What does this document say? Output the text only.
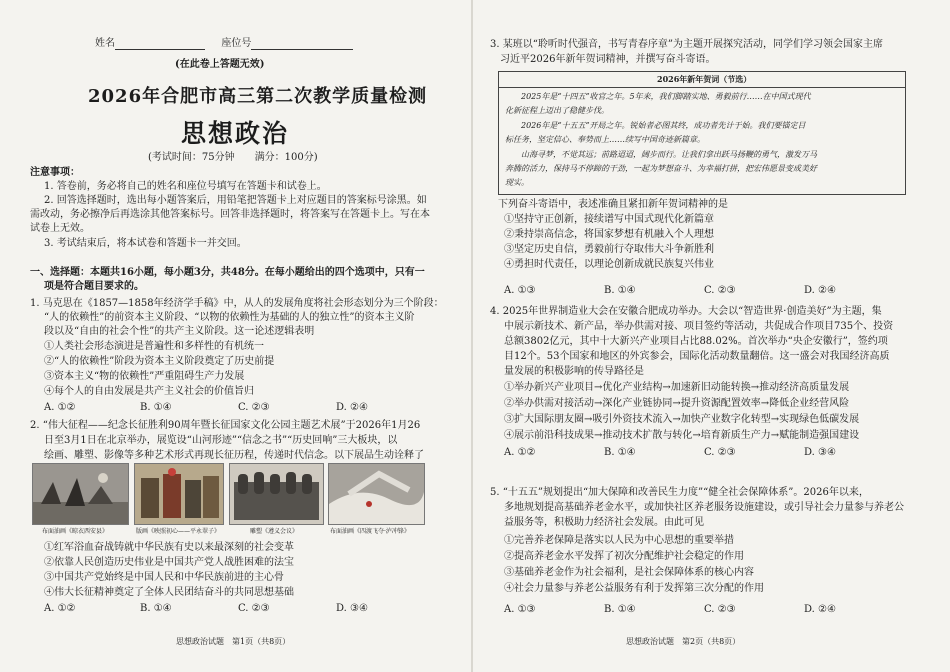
姓名	座位号
(在此卷上答题无效)
2026年合肥市高三第二次教学质量检测
思想政治
(考试时间：75分钟　　满分：100分)
注意事项：
1. 答卷前，务必将自己的姓名和座位号填写在答题卡和试卷上。
2. 回答选择题时，选出每小题答案后，用铅笔把答题卡上对应题目的答案标号涂黑。如
需改动，务必擦净后再选涂其他答案标号。回答非选择题时，将答案写在答题卡上。写在本
试卷上无效。
3. 考试结束后，将本试卷和答题卡一并交回。
一、选择题：本题共16小题，每小题3分，共48分。在每小题给出的四个选项中，只有一
项是符合题目要求的。
1. 马克思在《1857—1858年经济学手稿》中，从人的发展角度将社会形态划分为三个阶段：
“人的依赖性”的前资本主义阶段、“以物的依赖性为基础的人的独立性”的资本主义阶
段以及“自由的社会个性”的共产主义阶段。这一论述逻辑表明
①人类社会形态演进是普遍性和多样性的有机统一
②“人的依赖性”阶段为资本主义阶段奠定了历史前提
③资本主义“物的依赖性”严重阻碍生产力发展
④每个人的自由发展是共产主义社会的价值旨归
A. ①②	B. ①④	C. ②③	D. ②④
2. “伟大征程——纪念长征胜利90周年暨长征国家文化公园主题艺术展”于2026年1月26
日至3月1日在北京举办，展览设“山河形迹”“信念之书”“历史回响”三大板块，以
绘画、雕塑、影像等多种艺术形式再现长征历程，传递时代信念。以下展品生动诠释了
布面油画《晾衣西安县》	版画《映照初心——平永翠子》	雕塑《遵义会议》	布面油画《四渡飞夺·泸冲锋》
①红军浴血奋战铸就中华民族有史以来最深刻的社会变革
②依靠人民创造历史伟业是中国共产党人战胜困难的法宝
③中国共产党始终是中国人民和中华民族前进的主心骨
④伟大长征精神奠定了全体人民团结奋斗的共同思想基础
A. ①②	B. ①④	C. ②③	D. ③④
思想政治试题　第1页（共8页）
3. 某班以“聆听时代强音，书写青春序章”为主题开展探究活动，同学们学习领会国家主席
习近平2026年新年贺词精神，并撰写奋斗寄语。
2026年新年贺词（节选）
2025年是“十四五”收官之年。5年来，我们脚踏实地、勇毅前行……在中国式现代
化新征程上迈出了稳健步伐。
2026年是“十五五”开局之年。锐始者必图其终，成功者先计于始。我们要锚定目
标任务，坚定信心、奉势而上……续写中国奇迹新篇章。
山海寻梦，不觉其远；前路迢迢，阔步而行。让我们拿出跃马扬鞭的勇气，激发万马
奔腾的活力，保持马不停蹄的干劲，一起为梦想奋斗、为幸福打拼，把宏伟愿景变成美好
现实。
下列奋斗寄语中，表述准确且紧扣新年贺词精神的是
①坚持守正创新，接续谱写中国式现代化新篇章
②秉持崇高信念，将国家梦想有机融入个人理想
③坚定历史自信，勇毅前行夺取伟大斗争新胜利
④勇担时代责任，以理论创新成就民族复兴伟业
A. ①③	B. ①④	C. ②③	D. ②④
4. 2025年世界制造业大会在安徽合肥成功举办。大会以“智造世界·创造美好”为主题，集
中展示新技术、新产品，举办供需对接、项目签约等活动，共促成合作项目735个、投资
总额3802亿元，其中十大新兴产业项目占比88.02%。首次举办“央企安徽行”，签约项
目12个。53个国家和地区的外宾参会，国际化活动数量翻倍。这一盛会对我国经济高质
量发展的积极影响的传导路径是
①举办新兴产业项目→优化产业结构→加速新旧动能转换→推动经济高质量发展
②举办供需对接活动→深化产业链协同→提升资源配置效率→降低企业经营风险
③扩大国际朋友圈→吸引外资技术流入→加快产业数字化转型→实现绿色低碳发展
④展示前沿科技成果→推动技术扩散与转化→培育新质生产力→赋能制造强国建设
A. ①②	B. ①④	C. ②③	D. ③④
5. “十五五”规划提出“加大保障和改善民生力度”“健全社会保障体系”。2026年以来，
多地规划提高基础养老金水平，或加快社区养老服务设施建设，或引导社会力量参与养老公
益服务等，积极助力经济社会发展。由此可见
①完善养老保障是落实以人民为中心思想的重要举措
②提高养老金水平发挥了初次分配维护社会稳定的作用
③基础养老金作为社会福利，是社会保障体系的核心内容
④社会力量参与养老公益服务有利于发挥第三次分配的作用
A. ①③	B. ①④	C. ②③	D. ②④
思想政治试题　第2页（共8页）
